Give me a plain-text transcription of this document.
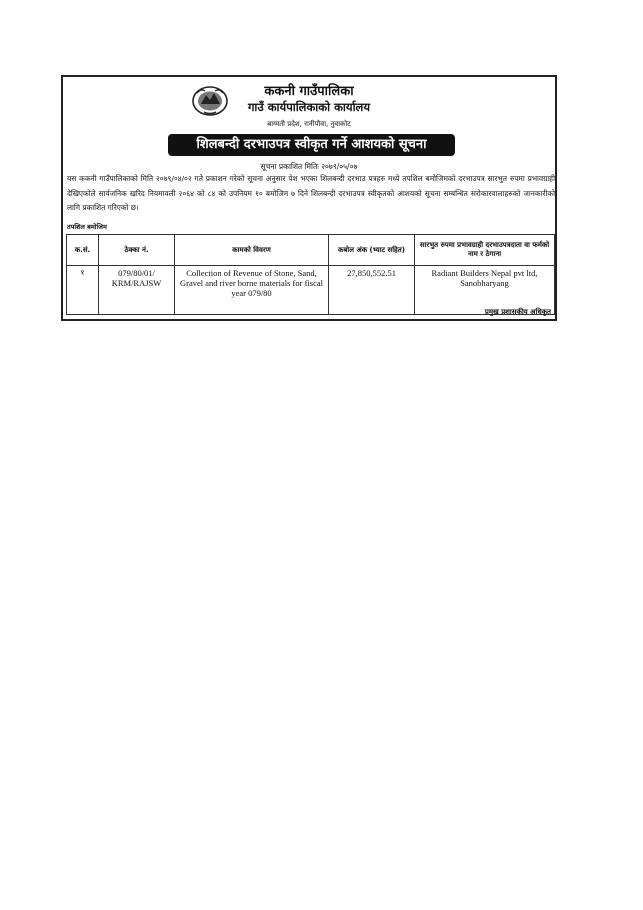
ककनी गाउँपालिका
गाउँ कार्यपालिकाको कार्यालय
बाग्मती प्रदेश, रानीपौवा, नुवाकोट
शिलबन्दी दरभाउपत्र स्वीकृत गर्ने आशयको सूचना
सूचना प्रकाशित मितिः २०७९/०५/०७
यस ककनी गाउँपालिकाको मिति २०७९/०४/०२ गते प्रकाशन गरेको सूचना अनुसार पेश भएका शिलबन्दी दरभाउ पत्रहरु मध्ये तपशिल बमोजिमको दरभाउपत्र सारभुत रुपमा प्रभावग्राही देखिएकोले सार्वजनिक खरिद नियमावली २०६४ को ८४ को उपनियम १० बमोजिम ७ दिने शिलबन्दी दरभाउपत्र स्वीकृतको आशयको सूचना सम्बन्धित सरोकारवालाहरुको जानकारीको लागि प्रकाशित गरिएको छ।
तपशिल बमोजिम
क.सं.	ठेक्का नं.	कामको विवरण	कबोल अंक (भ्याट सहित)	सारभुत रुपमा प्रभावग्राही दरभाउपत्रदाता वा फर्मको नाम र ठेगाना
१	079/80/01/ KRM/RAJSW	Collection of Revenue of Stone, Sand, Gravel and river borne materials for fiscal year 079/80	27,850,552.51	Radiant Builders Nepal pvt ltd, Sanobharyang
प्रमुख प्रशासकीय अधिकृत
